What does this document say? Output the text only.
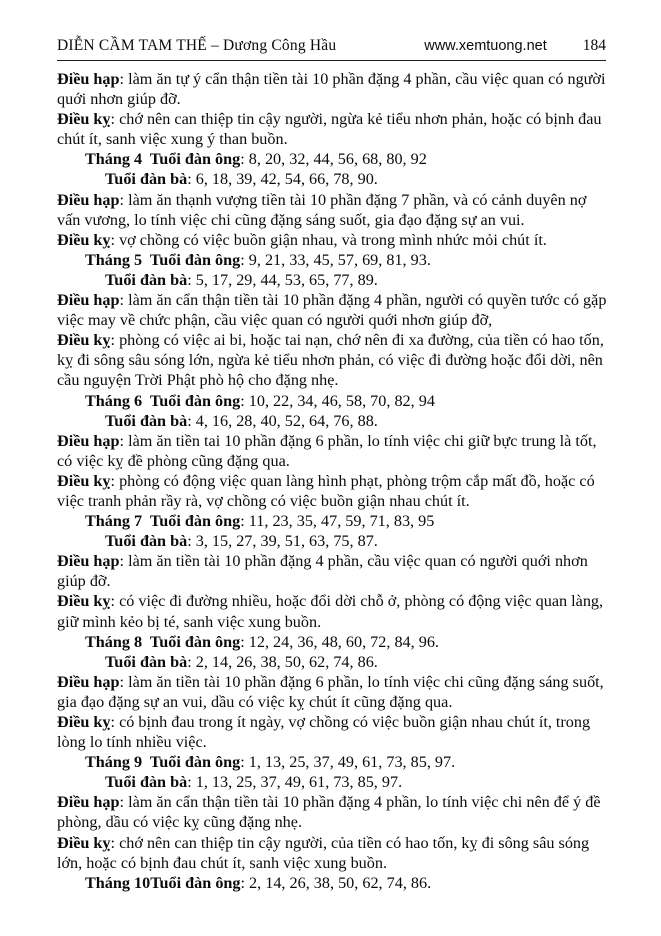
DIỄN CẦM TAM THẾ – Dương Công Hầu	www.xemtuong.net 184

Điều hạp: làm ăn tự ý cẩn thận tiền tài 10 phần đặng 4 phần, cầu việc quan có người quới nhơn giúp đỡ.

Điều kỵ: chớ nên can thiệp tin cậy người, ngừa kẻ tiểu nhơn phản, hoặc có bịnh đau chút ít, sanh việc xung ý than buồn.

Tháng 4  Tuổi đàn ông: 8, 20, 32, 44, 56, 68, 80, 92

Tuổi đàn bà: 6, 18, 39, 42, 54, 66, 78, 90.

Điều hạp: làm ăn thạnh vượng tiền tài 10 phần đặng 7 phần, và có cảnh duyên nợ vấn vương, lo tính việc chi cũng đặng sáng suốt, gia đạo đặng sự an vui.

Điều kỵ: vợ chồng có việc buồn giận nhau, và trong mình nhức mỏi chút ít.

Tháng 5  Tuổi đàn ông: 9, 21, 33, 45, 57, 69, 81, 93.

Tuổi đàn bà: 5, 17, 29, 44, 53, 65, 77, 89.

Điều hạp: làm ăn cẩn thận tiền tài 10 phần đặng 4 phần, người có quyền tước có gặp việc may về chức phận, cầu việc quan có người quới nhơn giúp đỡ,

Điều kỵ: phòng có việc ai bi, hoặc tai nạn, chớ nên đi xa đường, của tiền có hao tốn, kỵ đi sông sâu sóng lớn, ngừa kẻ tiểu nhơn phản, có việc đi đường hoặc đổi dời, nên cầu nguyện Trời Phật phò hộ cho đặng nhẹ.

Tháng 6  Tuổi đàn ông: 10, 22, 34, 46, 58, 70, 82, 94

Tuổi đàn bà: 4, 16, 28, 40, 52, 64, 76, 88.

Điều hạp: làm ăn tiền tai 10 phần đặng 6 phần, lo tính việc chi giữ bực trung là tốt, có việc kỵ đề phòng cũng đặng qua.

Điều kỵ: phòng có động việc quan làng hình phạt, phòng trộm cắp mất đồ, hoặc có việc tranh phản rầy rà, vợ chồng có việc buồn giận nhau chút ít.

Tháng 7  Tuổi đàn ông: 11, 23, 35, 47, 59, 71, 83, 95

Tuổi đàn bà: 3, 15, 27, 39, 51, 63, 75, 87.

Điều hạp: làm ăn tiền tài 10 phần đặng 4 phần, cầu việc quan có người quới nhơn giúp đỡ.

Điều kỵ: có việc đi đường nhiều, hoặc đổi dời chỗ ở, phòng có động việc quan làng, giữ mình kẻo bị té, sanh việc xung buồn.

Tháng 8  Tuổi đàn ông: 12, 24, 36, 48, 60, 72, 84, 96.

Tuổi đàn bà: 2, 14, 26, 38, 50, 62, 74, 86.

Điều hạp: làm ăn tiền tài 10 phần đặng 6 phần, lo tính việc chi cũng đặng sáng suốt, gia đạo đặng sự an vui, dầu có việc kỵ chút ít cũng đặng qua.

Điều kỵ: có bịnh đau trong ít ngày, vợ chồng có việc buồn giận nhau chút ít, trong lòng lo tính nhiều việc.

Tháng 9  Tuổi đàn ông: 1, 13, 25, 37, 49, 61, 73, 85, 97.

Tuổi đàn bà: 1, 13, 25, 37, 49, 61, 73, 85, 97.

Điều hạp: làm ăn cẩn thận tiền tài 10 phần đặng 4 phần, lo tính việc chi nên để ý đề phòng, dầu có việc kỵ cũng đặng nhẹ.

Điều kỵ: chớ nên can thiệp tin cậy người, của tiền có hao tốn, kỵ đi sông sâu sóng lớn, hoặc có bịnh đau chút ít, sanh việc xung buồn.

Tháng 10Tuổi đàn ông: 2, 14, 26, 38, 50, 62, 74, 86.
